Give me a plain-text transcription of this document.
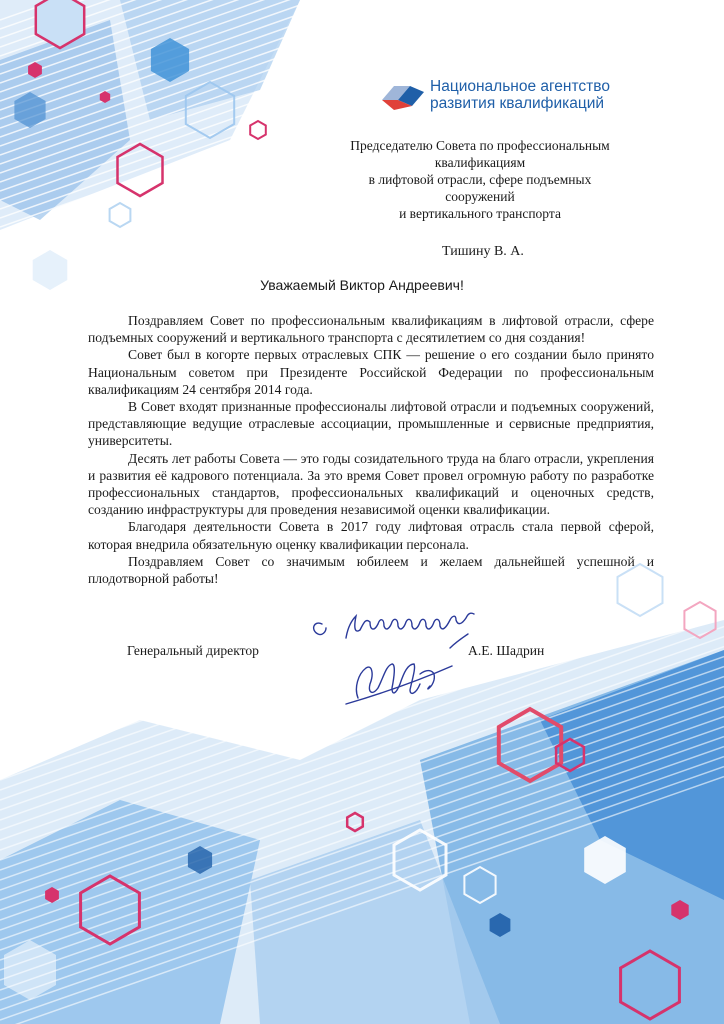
Национальное агентство
развития квалификаций
Председателю Совета по профессиональным
квалификациям
в лифтовой отрасли, сфере подъемных
сооружений
и вертикального транспорта
Тишину В. А.
Уважаемый Виктор Андреевич!

Поздравляем Совет по профессиональным квалификациям в лифтовой отрасли, сфере подъемных сооружений и вертикального транспорта с десятилетием со дня создания!

Совет был в когорте первых отраслевых СПК — решение о его создании было принято Национальным советом при Президенте Российской Федерации по профессиональным квалификациям 24 сентября 2014 года.

В Совет входят признанные профессионалы лифтовой отрасли и подъемных сооружений, представляющие ведущие отраслевые ассоциации, промышленные и сервисные предприятия, университеты.

Десять лет работы Совета — это годы созидательного труда на благо отрасли, укрепления и развития её кадрового потенциала. За это время Совет провел огромную работу по разработке профессиональных стандартов, профессиональных квалификаций и оценочных средств, созданию инфраструктуры для проведения независимой оценки квалификации.

Благодаря деятельности Совета в 2017 году лифтовая отрасль стала первой сферой, которая внедрила обязательную оценку квалификации персонала.

Поздравляем Совет со значимым юбилеем и желаем дальнейшей успешной и плодотворной работы!

Генеральный директор	А.Е. Шадрин
